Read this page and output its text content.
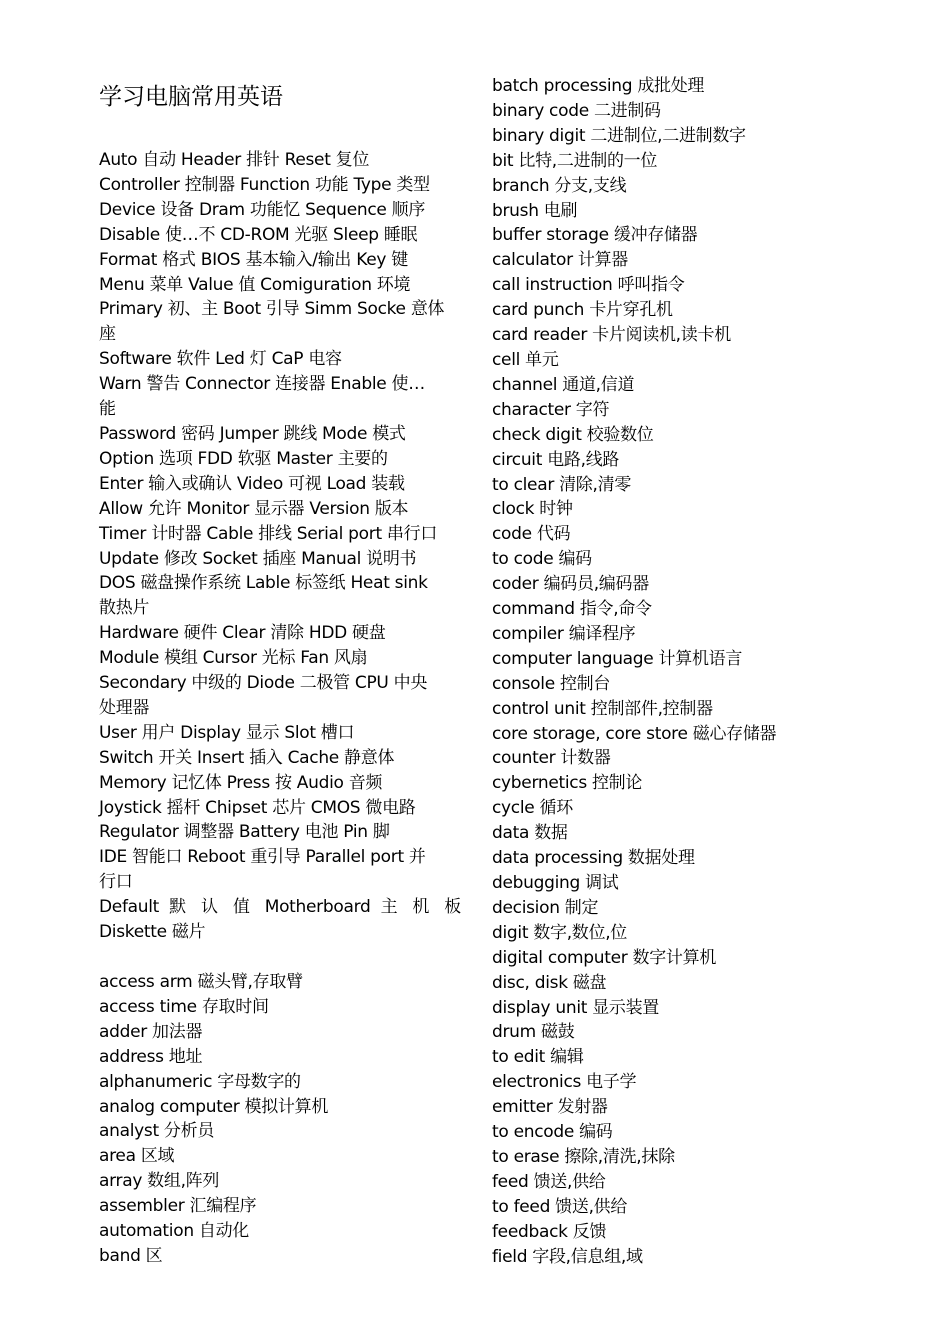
学习电脑常用英语
Auto 自动 Header 排针 Reset 复位
Controller 控制器 Function 功能 Type 类型
Device 设备 Dram 功能忆 Sequence 顺序
Disable 使…不 CD-ROM 光驱 Sleep 睡眠
Format 格式 BIOS 基本输入/输出 Key 键
Menu 菜单 Value 值 Comiguration 环境
Primary 初、主 Boot 引导 Simm Socke 意体
座
Software 软件 Led 灯 CaP 电容
Warn 警告 Connector 连接器 Enable 使…
能
Password 密码 Jumper 跳线 Mode 模式
Option 选项 FDD 软驱 Master 主要的
Enter 输入或确认 Video 可视 Load 装载
Allow 允许 Monitor 显示器 Version 版本
Timer 计时器 Cable 排线 Serial port 串行口
Update 修改 Socket 插座 Manual 说明书
DOS 磁盘操作系统 Lable 标签纸 Heat sink
散热片
Hardware 硬件 Clear 清除 HDD 硬盘
Module 模组 Cursor 光标 Fan 风扇
Secondary 中级的 Diode 二极管 CPU 中央
处理器
User 用户 Display 显示 Slot 槽口
Switch 开关 Insert 插入 Cache 静意体
Memory 记忆体 Press 按 Audio 音频
Joystick 摇杆 Chipset 芯片 CMOS 微电路
Regulator 调整器 Battery 电池 Pin 脚
IDE 智能口 Reboot 重引导 Parallel port 并
行口
Default 默 认 值 Motherboard 主 机 板
Diskette 磁片
access arm 磁头臂,存取臂
access time 存取时间
adder 加法器
address 地址
alphanumeric 字母数字的
analog computer 模拟计算机
analyst 分析员
area 区域
array 数组,阵列
assembler 汇编程序
automation 自动化
band 区
batch processing 成批处理
binary code 二进制码
binary digit 二进制位,二进制数字
bit 比特,二进制的一位
branch 分支,支线
brush 电刷
buffer storage 缓冲存储器
calculator 计算器
call instruction 呼叫指令
card punch 卡片穿孔机
card reader 卡片阅读机,读卡机
cell 单元
channel 通道,信道
character 字符
check digit 校验数位
circuit 电路,线路
to clear 清除,清零
clock 时钟
code 代码
to code 编码
coder 编码员,编码器
command 指令,命令
compiler 编译程序
computer language 计算机语言
console 控制台
control unit 控制部件,控制器
core storage, core store 磁心存储器
counter 计数器
cybernetics 控制论
cycle 循环
data 数据
data processing 数据处理
debugging 调试
decision 制定
digit 数字,数位,位
digital computer 数字计算机
disc, disk 磁盘
display unit 显示装置
drum 磁鼓
to edit 编辑
electronics 电子学
emitter 发射器
to encode 编码
to erase 擦除,清洗,抹除
feed 馈送,供给
to feed 馈送,供给
feedback 反馈
field 字段,信息组,域
